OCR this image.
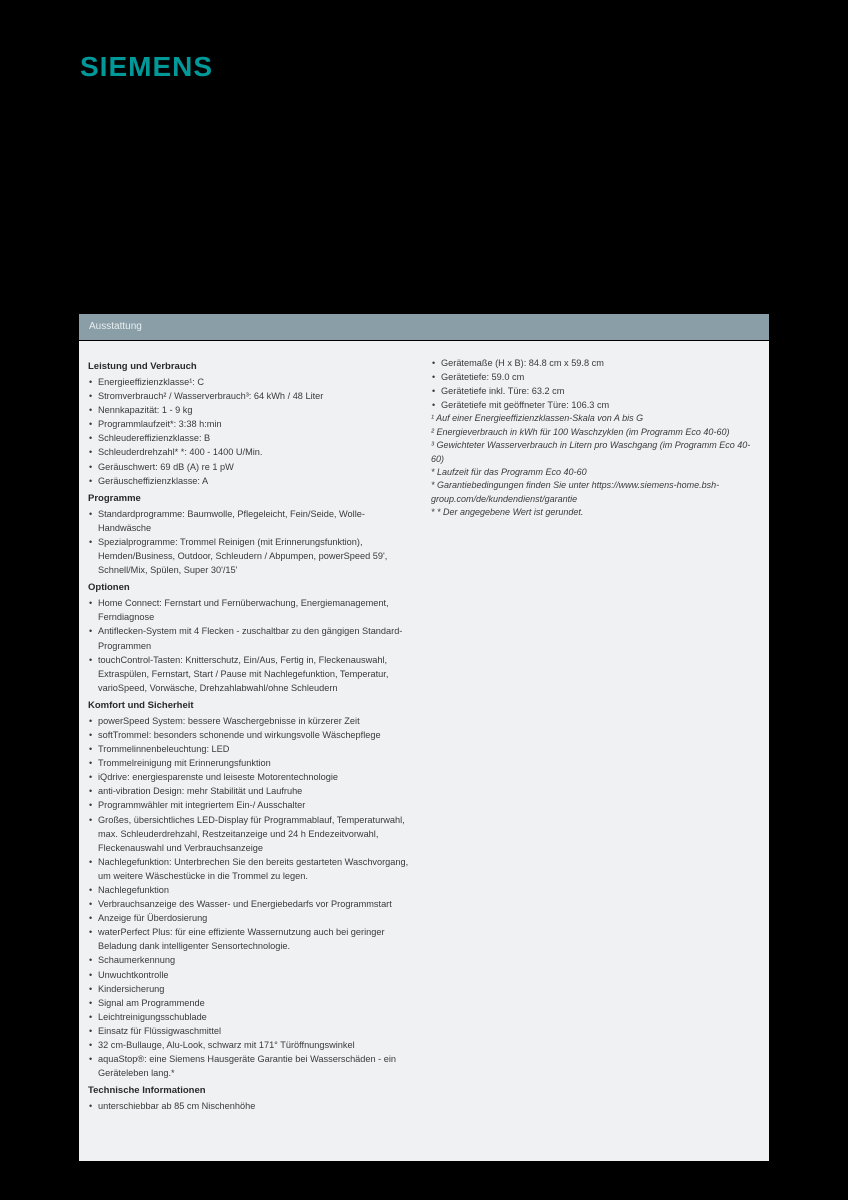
SIEMENS
Ausstattung
Leistung und Verbrauch
• Energieeffizienzklasse¹: C
• Stromverbrauch² / Wasserverbrauch³: 64 kWh / 48 Liter
• Nennkapazität: 1 - 9 kg
• Programmlaufzeit*: 3:38 h:min
• Schleudereffizienzklasse: B
• Schleuderdrehzahl* *: 400 - 1400 U/Min.
• Geräuschwert: 69 dB (A) re 1 pW
• Geräuscheffizienzklasse: A
Programme
• Standardprogramme: Baumwolle, Pflegeleicht, Fein/Seide, Wolle-Handwäsche
• Spezialprogramme: Trommel Reinigen (mit Erinnerungsfunktion), Hemden/Business, Outdoor, Schleudern / Abpumpen, powerSpeed 59', Schnell/Mix, Spülen, Super 30'/15'
Optionen
• Home Connect: Fernstart und Fernüberwachung, Energiemanagement, Ferndiagnose
• Antiflecken-System mit 4 Flecken - zuschaltbar zu den gängigen Standard-Programmen
• touchControl-Tasten: Knitterschutz, Ein/Aus, Fertig in, Fleckenauswahl, Extraspülen, Fernstart, Start / Pause mit Nachlegefunktion, Temperatur, varioSpeed, Vorwäsche, Drehzahlabwahl/ohne Schleudern
Komfort und Sicherheit
• powerSpeed System: bessere Waschergebnisse in kürzerer Zeit
• softTrommel: besonders schonende und wirkungsvolle Wäschepflege
• Trommelinnenbeleuchtung: LED
• Trommelreinigung mit Erinnerungsfunktion
• iQdrive: energiesparenste und leiseste Motorentechnologie
• anti-vibration Design: mehr Stabilität und Laufruhe
• Programmwähler mit integriertem Ein-/ Ausschalter
• Großes, übersichtliches LED-Display für Programmablauf, Temperaturwahl, max. Schleuderdrehzahl, Restzeitanzeige und 24 h Endezeitvorwahl, Fleckenauswahl und Verbrauchsanzeige
• Nachlegefunktion: Unterbrechen Sie den bereits gestarteten Waschvorgang, um weitere Wäschestücke in die Trommel zu legen.
• Nachlegefunktion
• Verbrauchsanzeige des Wasser- und Energiebedarfs vor Programmstart
• Anzeige für Überdosierung
• waterPerfect Plus: für eine effiziente Wassernutzung auch bei geringer Beladung dank intelligenter Sensortechnologie.
• Schaumerkennung
• Unwuchtkontrolle
• Kindersicherung
• Signal am Programmende
• Leichtreinigungsschublade
• Einsatz für Flüssigwaschmittel
• 32 cm-Bullauge, Alu-Look, schwarz mit 171° Türöffnungswinkel
• aquaStop®: eine Siemens Hausgeräte Garantie bei Wasserschäden - ein Geräteleben lang.*
Technische Informationen
• unterschiebbar ab 85 cm Nischenhöhe
• Gerätemaße (H x B): 84.8 cm x 59.8 cm
• Gerätetiefe: 59.0 cm
• Gerätetiefe inkl. Türe: 63.2 cm
• Gerätetiefe mit geöffneter Türe: 106.3 cm

¹ Auf einer Energieeffizienzklassen-Skala von A bis G

² Energieverbrauch in kWh für 100 Waschzyklen (im Programm Eco 40-60)

³ Gewichteter Wasserverbrauch in Litern pro Waschgang (im Programm Eco 40-60)

* Laufzeit für das Programm Eco 40-60

* Garantiebedingungen finden Sie unter https://www.siemens-home.bsh-group.com/de/kundendienst/garantie

* * Der angegebene Wert ist gerundet.
